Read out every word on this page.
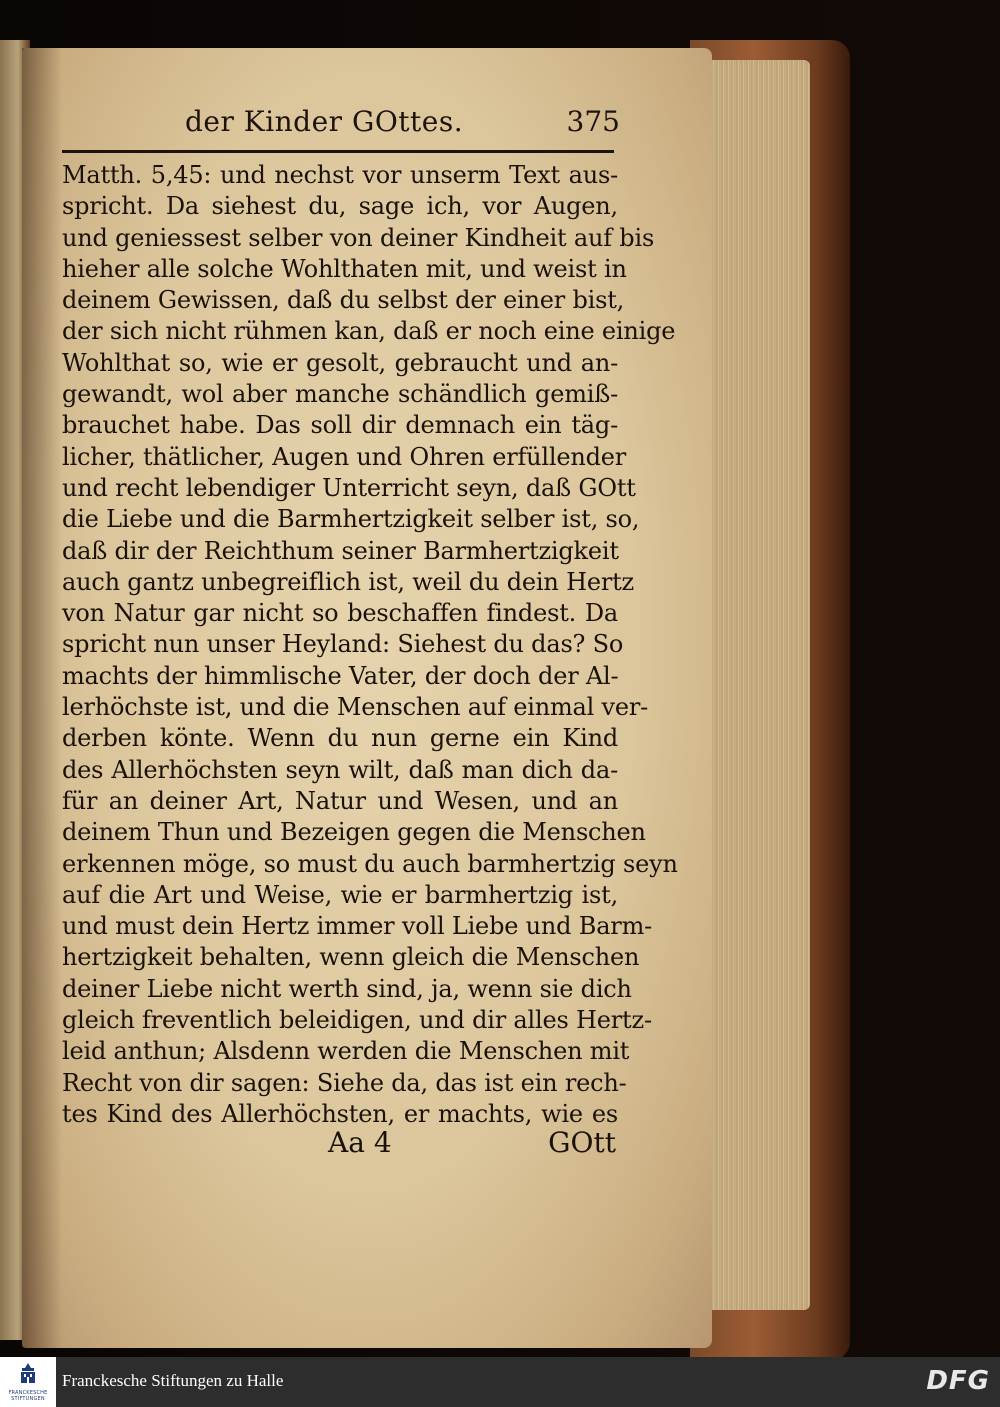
der Kinder GOttes.	375
Matth. 5,45: und nechst vor unserm Text aus-
spricht. Da siehest du, sage ich, vor Augen,
und geniessest selber von deiner Kindheit auf bis
hieher alle solche Wohlthaten mit, und weist in
deinem Gewissen, daß du selbst der einer bist,
der sich nicht rühmen kan, daß er noch eine einige
Wohlthat so, wie er gesolt, gebraucht und an-
gewandt, wol aber manche schändlich gemiß-
brauchet habe. Das soll dir demnach ein täg-
licher, thätlicher, Augen und Ohren erfüllender
und recht lebendiger Unterricht seyn, daß GOtt
die Liebe und die Barmhertzigkeit selber ist, so,
daß dir der Reichthum seiner Barmhertzigkeit
auch gantz unbegreiflich ist, weil du dein Hertz
von Natur gar nicht so beschaffen findest. Da
spricht nun unser Heyland: Siehest du das? So
machts der himmlische Vater, der doch der Al-
lerhöchste ist, und die Menschen auf einmal ver-
derben könte. Wenn du nun gerne ein Kind
des Allerhöchsten seyn wilt, daß man dich da-
für an deiner Art, Natur und Wesen, und an
deinem Thun und Bezeigen gegen die Menschen
erkennen möge, so must du auch barmhertzig seyn
auf die Art und Weise, wie er barmhertzig ist,
und must dein Hertz immer voll Liebe und Barm-
hertzigkeit behalten, wenn gleich die Menschen
deiner Liebe nicht werth sind, ja, wenn sie dich
gleich freventlich beleidigen, und dir alles Hertz-
leid anthun; Alsdenn werden die Menschen mit
Recht von dir sagen: Siehe da, das ist ein rech-
tes Kind des Allerhöchsten, er machts, wie es
Aa 4	GOtt
FRANCKESCHE STIFTUNGEN
Franckesche Stiftungen zu Halle	DFG
